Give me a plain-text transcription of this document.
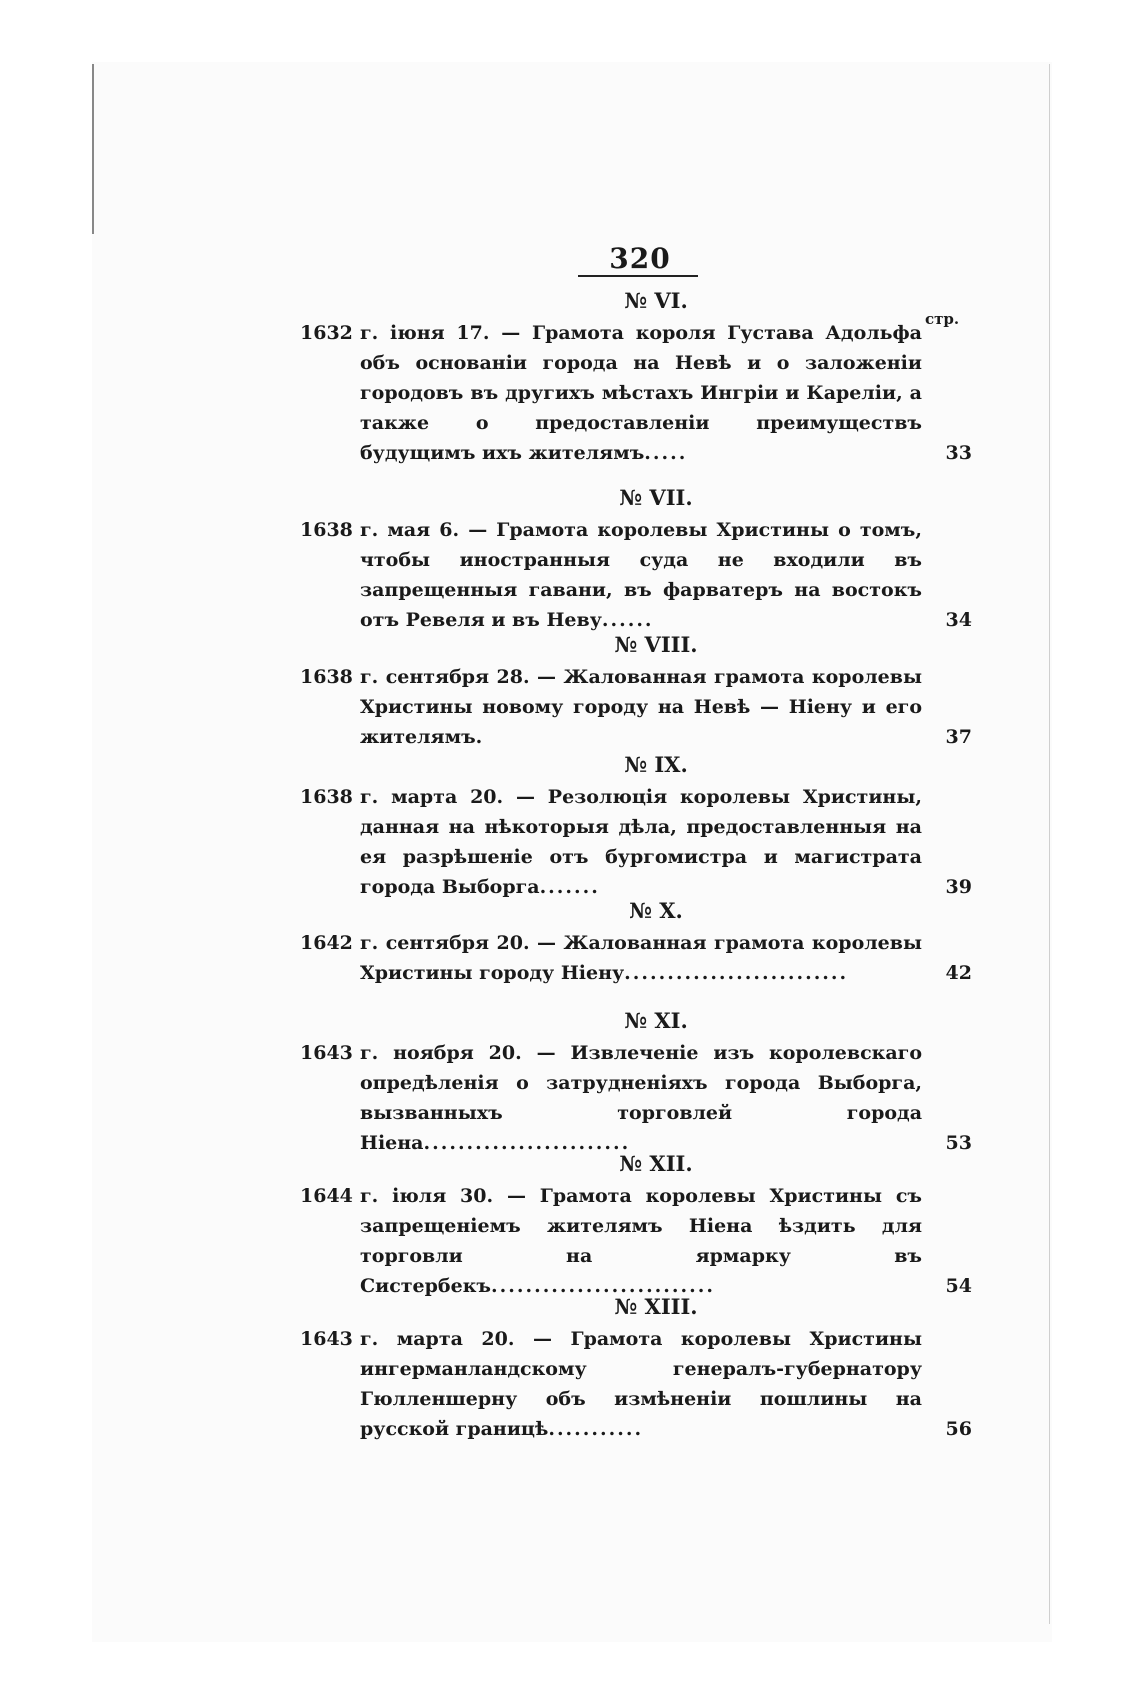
320
стр.
№ VI.
1632 г. іюня 17. — Грамота короля Густава Адольфа объ основаніи города на Невѣ и о заложеніи городовъ въ другихъ мѣстахъ Ингріи и Кареліи, а также о предоставленіи преимуществъ будущимъ ихъ жителямъ.....	33
№ VII.
1638 г. мая 6. — Грамота королевы Христины о томъ, чтобы иностранныя суда не входили въ запрещенныя гавани, въ фарватеръ на востокъ отъ Ревеля и въ Неву......	34
№ VIII.
1638 г. сентября 28. — Жалованная грамота королевы Христины новому городу на Невѣ — Ніену и его жителямъ.	37
№ IX.
1638 г. марта 20. — Резолюція королевы Христины, данная на нѣкоторыя дѣла, предоставленныя на ея разрѣшеніе отъ бургомистра и магистрата города Выборга.......	39
№ X.
1642 г. сентября 20. — Жалованная грамота королевы Христины городу Ніену..........................	42
№ XI.
1643 г. ноября 20. — Извлеченіе изъ королевскаго опредѣленія о затрудненіяхъ города Выборга, вызванныхъ торговлей города Ніена........................	53
№ XII.
1644 г. іюля 30. — Грамота королевы Христины съ запрещеніемъ жителямъ Ніена ѣздить для торговли на ярмарку въ Систербекъ..........................	54
№ XIII.
1643 г. марта 20. — Грамота королевы Христины ингерманландскому генералъ-губернатору Гюлленшерну объ измѣненіи пошлины на русской границѣ...........	56
